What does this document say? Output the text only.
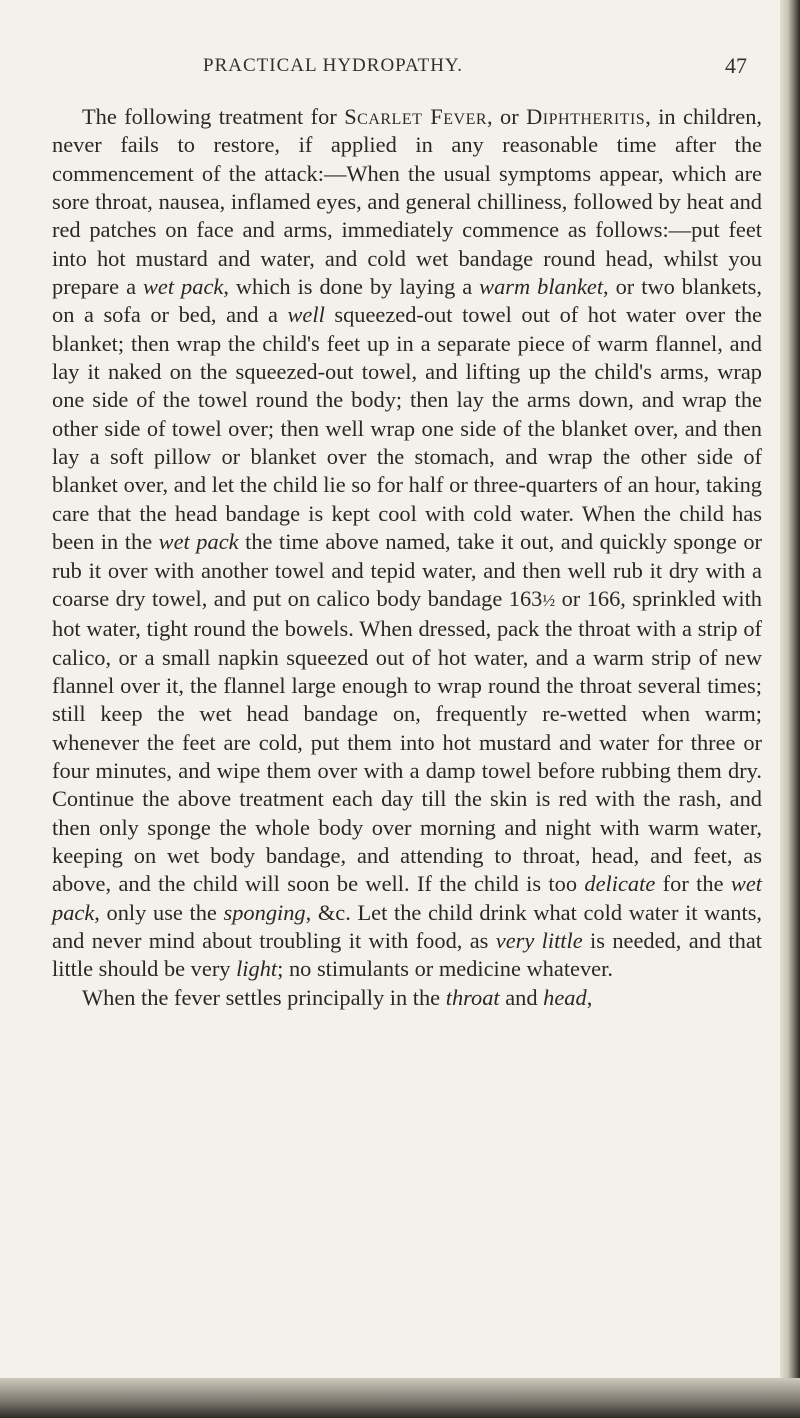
PRACTICAL HYDROPATHY.	47

The following treatment for Scarlet Fever, or Diphtheritis, in children, never fails to restore, if applied in any reasonable time after the commencement of the attack:—When the usual symptoms appear, which are sore throat, nausea, inflamed eyes, and general chilliness, followed by heat and red patches on face and arms, immediately commence as follows:—put feet into hot mustard and water, and cold wet bandage round head, whilst you prepare a wet pack, which is done by laying a warm blanket, or two blankets, on a sofa or bed, and a well squeezed-out towel out of hot water over the blanket; then wrap the child's feet up in a separate piece of warm flannel, and lay it naked on the squeezed-out towel, and lifting up the child's arms, wrap one side of the towel round the body; then lay the arms down, and wrap the other side of towel over; then well wrap one side of the blanket over, and then lay a soft pillow or blanket over the stomach, and wrap the other side of blanket over, and let the child lie so for half or three-quarters of an hour, taking care that the head bandage is kept cool with cold water. When the child has been in the wet pack the time above named, take it out, and quickly sponge or rub it over with another towel and tepid water, and then well rub it dry with a coarse dry towel, and put on calico body bandage 163½ or 166, sprinkled with hot water, tight round the bowels. When dressed, pack the throat with a strip of calico, or a small napkin squeezed out of hot water, and a warm strip of new flannel over it, the flannel large enough to wrap round the throat several times; still keep the wet head bandage on, frequently re-wetted when warm; whenever the feet are cold, put them into hot mustard and water for three or four minutes, and wipe them over with a damp towel before rubbing them dry. Continue the above treatment each day till the skin is red with the rash, and then only sponge the whole body over morning and night with warm water, keeping on wet body bandage, and attending to throat, head, and feet, as above, and the child will soon be well. If the child is too delicate for the wet pack, only use the sponging, &c. Let the child drink what cold water it wants, and never mind about troubling it with food, as very little is needed, and that little should be very light; no stimulants or medicine whatever.

When the fever settles principally in the throat and head,
